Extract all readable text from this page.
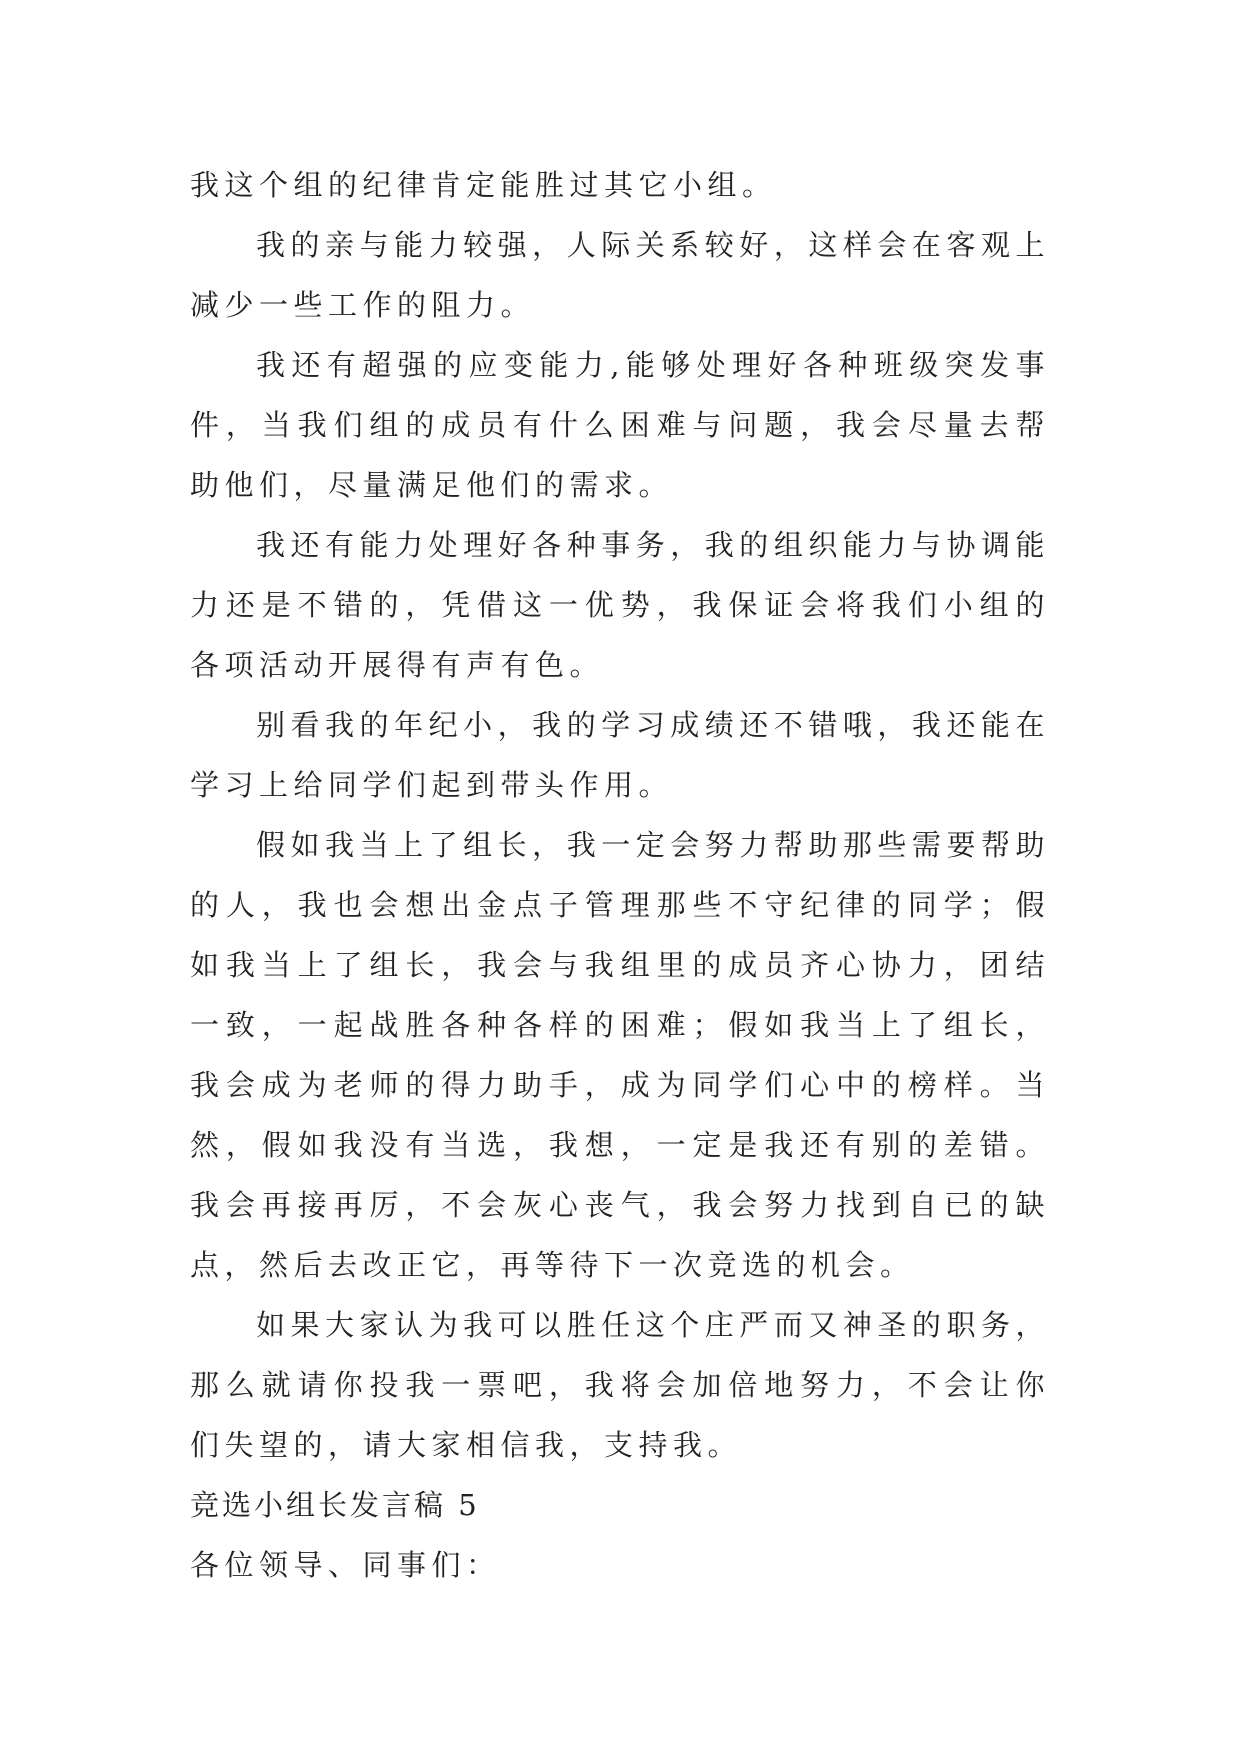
我这个组的纪律肯定能胜过其它小组。

我的亲与能力较强，人际关系较好，这样会在客观上减少一些工作的阻力。

我还有超强的应变能力,能够处理好各种班级突发事件，当我们组的成员有什么困难与问题，我会尽量去帮助他们，尽量满足他们的需求。

我还有能力处理好各种事务，我的组织能力与协调能力还是不错的，凭借这一优势，我保证会将我们小组的各项活动开展得有声有色。

别看我的年纪小，我的学习成绩还不错哦，我还能在学习上给同学们起到带头作用。

假如我当上了组长，我一定会努力帮助那些需要帮助的人，我也会想出金点子管理那些不守纪律的同学；假如我当上了组长，我会与我组里的成员齐心协力，团结一致，一起战胜各种各样的困难；假如我当上了组长，我会成为老师的得力助手，成为同学们心中的榜样。当然，假如我没有当选，我想，一定是我还有别的差错。我会再接再厉，不会灰心丧气，我会努力找到自已的缺点，然后去改正它，再等待下一次竞选的机会。

如果大家认为我可以胜任这个庄严而又神圣的职务，那么就请你投我一票吧，我将会加倍地努力，不会让你们失望的，请大家相信我，支持我。

竞选小组长发言稿 5

各位领导、同事们：
